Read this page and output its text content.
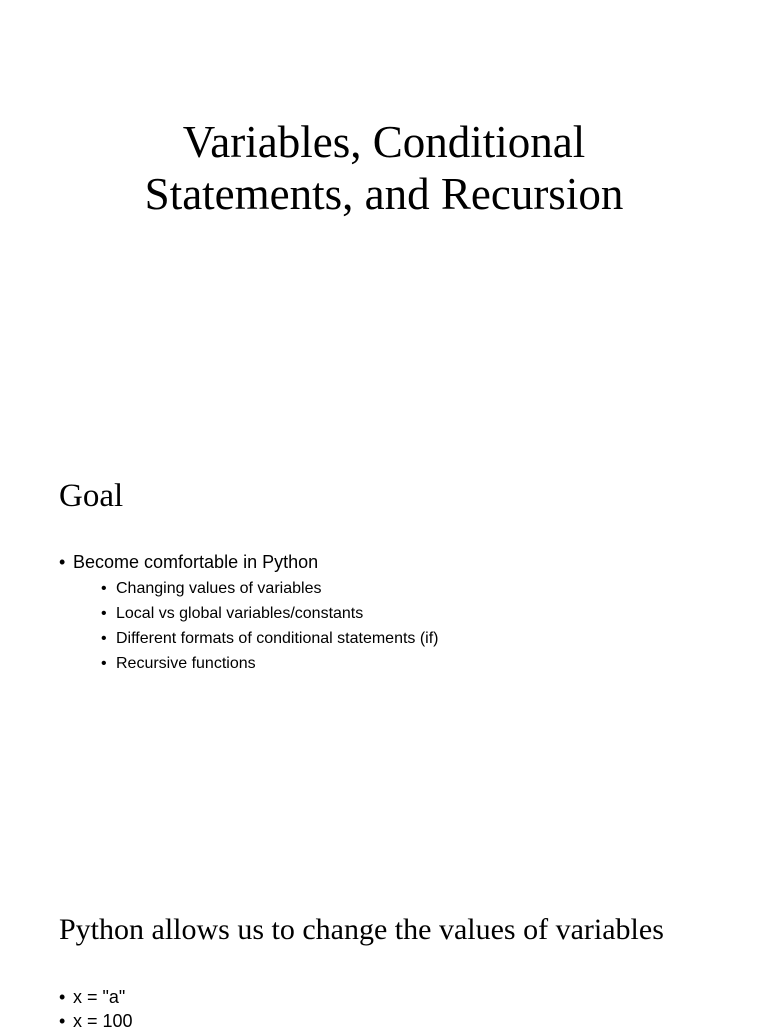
Variables, Conditional
Statements, and Recursion
Goal
• Become comfortable in Python
• Changing values of variables
• Local vs global variables/constants
• Different formats of conditional statements (if)
• Recursive functions
Python allows us to change the values of variables
• x = "a"
• x = 100
